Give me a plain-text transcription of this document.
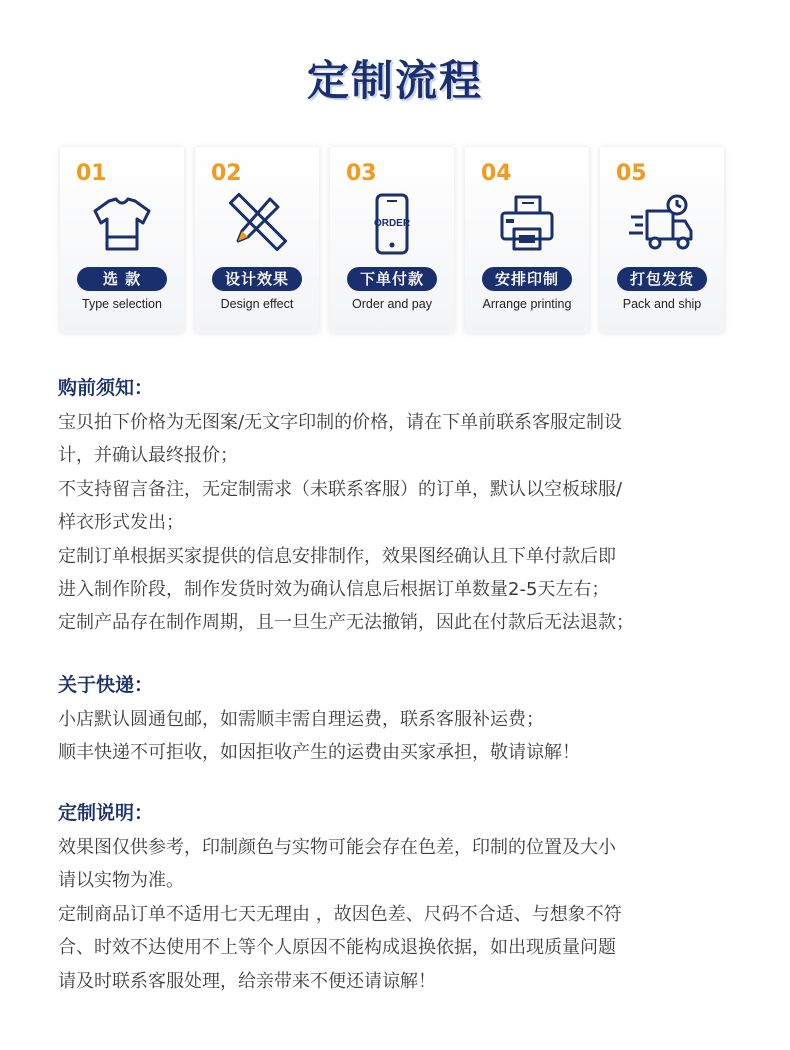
定制流程
01
选 款
Type selection
02
设计效果
Design effect
03
ORDER
下单付款
Order and pay
04
安排印制
Arrange printing
05
打包发货
Pack and ship
购前须知：

宝贝拍下价格为无图案/无文字印制的价格，请在下单前联系客服定制设

计，并确认最终报价；

不支持留言备注，无定制需求（未联系客服）的订单，默认以空板球服/

样衣形式发出；

定制订单根据买家提供的信息安排制作，效果图经确认且下单付款后即

进入制作阶段，制作发货时效为确认信息后根据订单数量2-5天左右；

定制产品存在制作周期，且一旦生产无法撤销，因此在付款后无法退款；

关于快递：

小店默认圆通包邮，如需顺丰需自理运费，联系客服补运费；

顺丰快递不可拒收，如因拒收产生的运费由买家承担，敬请谅解！

定制说明：

效果图仅供参考，印制颜色与实物可能会存在色差，印制的位置及大小

请以实物为准。

定制商品订单不适用七天无理由 ，故因色差、尺码不合适、与想象不符

合、时效不达使用不上等个人原因不能构成退换依据，如出现质量问题

请及时联系客服处理，给亲带来不便还请谅解！
